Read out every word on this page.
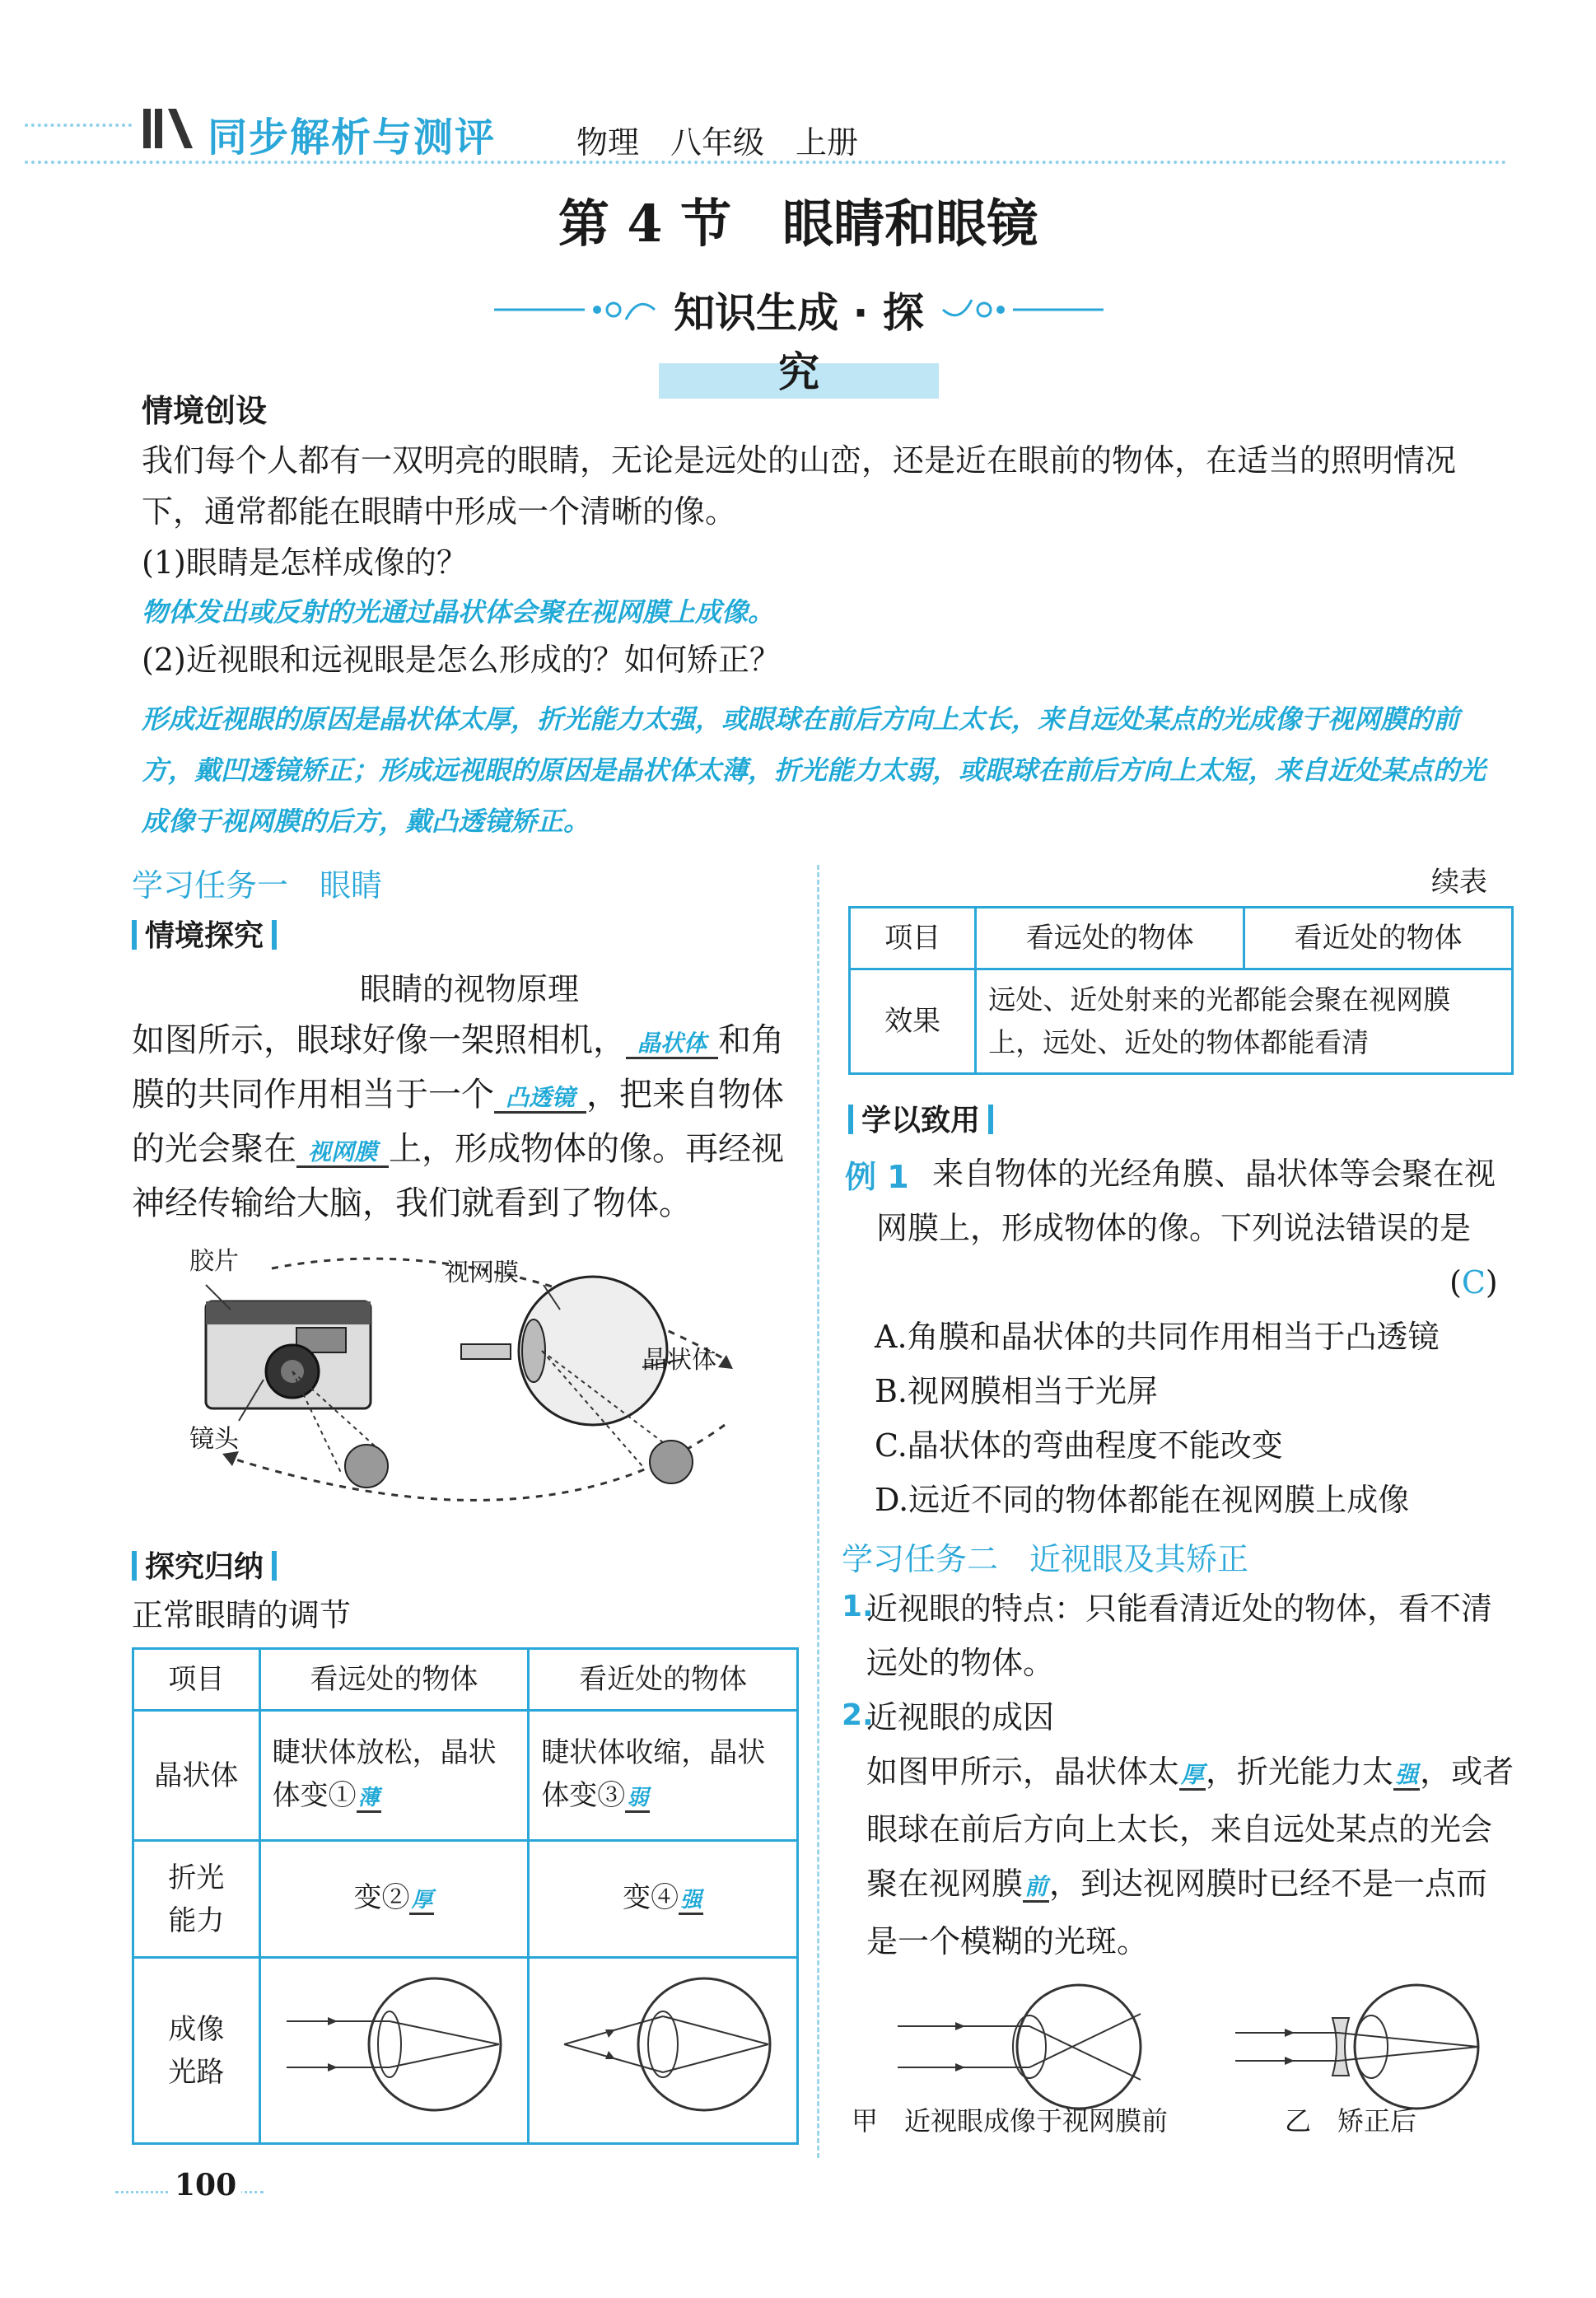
同步解析与测评	物理　八年级　上册
第 4 节　眼睛和眼镜
知识生成 · 探究
情境创设
我们每个人都有一双明亮的眼睛，无论是远处的山峦，还是近在眼前的物体，在适当的照明情况下，通常都能在眼睛中形成一个清晰的像。
(1)眼睛是怎样成像的？
物体发出或反射的光通过晶状体会聚在视网膜上成像。
(2)近视眼和远视眼是怎么形成的？如何矫正？
形成近视眼的原因是晶状体太厚，折光能力太强，或眼球在前后方向上太长，来自远处某点的光成像于视网膜的前方，戴凹透镜矫正；形成远视眼的原因是晶状体太薄，折光能力太弱，或眼球在前后方向上太短，来自近处某点的光成像于视网膜的后方，戴凸透镜矫正。
学习任务一　眼睛
情境探究
眼睛的视物原理
如图所示，眼球好像一架照相机， 晶状体 和角膜的共同作用相当于一个 凸透镜 ，把来自物体的光会聚在 视网膜 上，形成物体的像。再经视神经传输给大脑，我们就看到了物体。
胶片	视网膜
晶状体
镜头
探究归纳
正常眼睛的调节
项目	看远处的物体	看近处的物体
晶状体	睫状体放松，晶状体变①薄	睫状体收缩，晶状体变③弱
折光能力	变②厚	变④强
成像光路		
续表
项目	看远处的物体	看近处的物体
效果	远处、近处射来的光都能会聚在视网膜上，远处、近处的物体都能看清	
学以致用
例 1 来自物体的光经角膜、晶状体等会聚在视网膜上，形成物体的像。下列说法错误的是
(C)
A.角膜和晶状体的共同作用相当于凸透镜
B.视网膜相当于光屏
C.晶状体的弯曲程度不能改变
D.远近不同的物体都能在视网膜上成像
学习任务二　近视眼及其矫正
1.
近视眼的特点：只能看清近处的物体，看不清远处的物体。
2.
近视眼的成因
如图甲所示，晶状体太厚，折光能力太强，或者眼球在前后方向上太长，来自远处某点的光会聚在视网膜前，到达视网膜时已经不是一点而是一个模糊的光斑。
甲　近视眼成像于视网膜前	乙　矫正后
100
